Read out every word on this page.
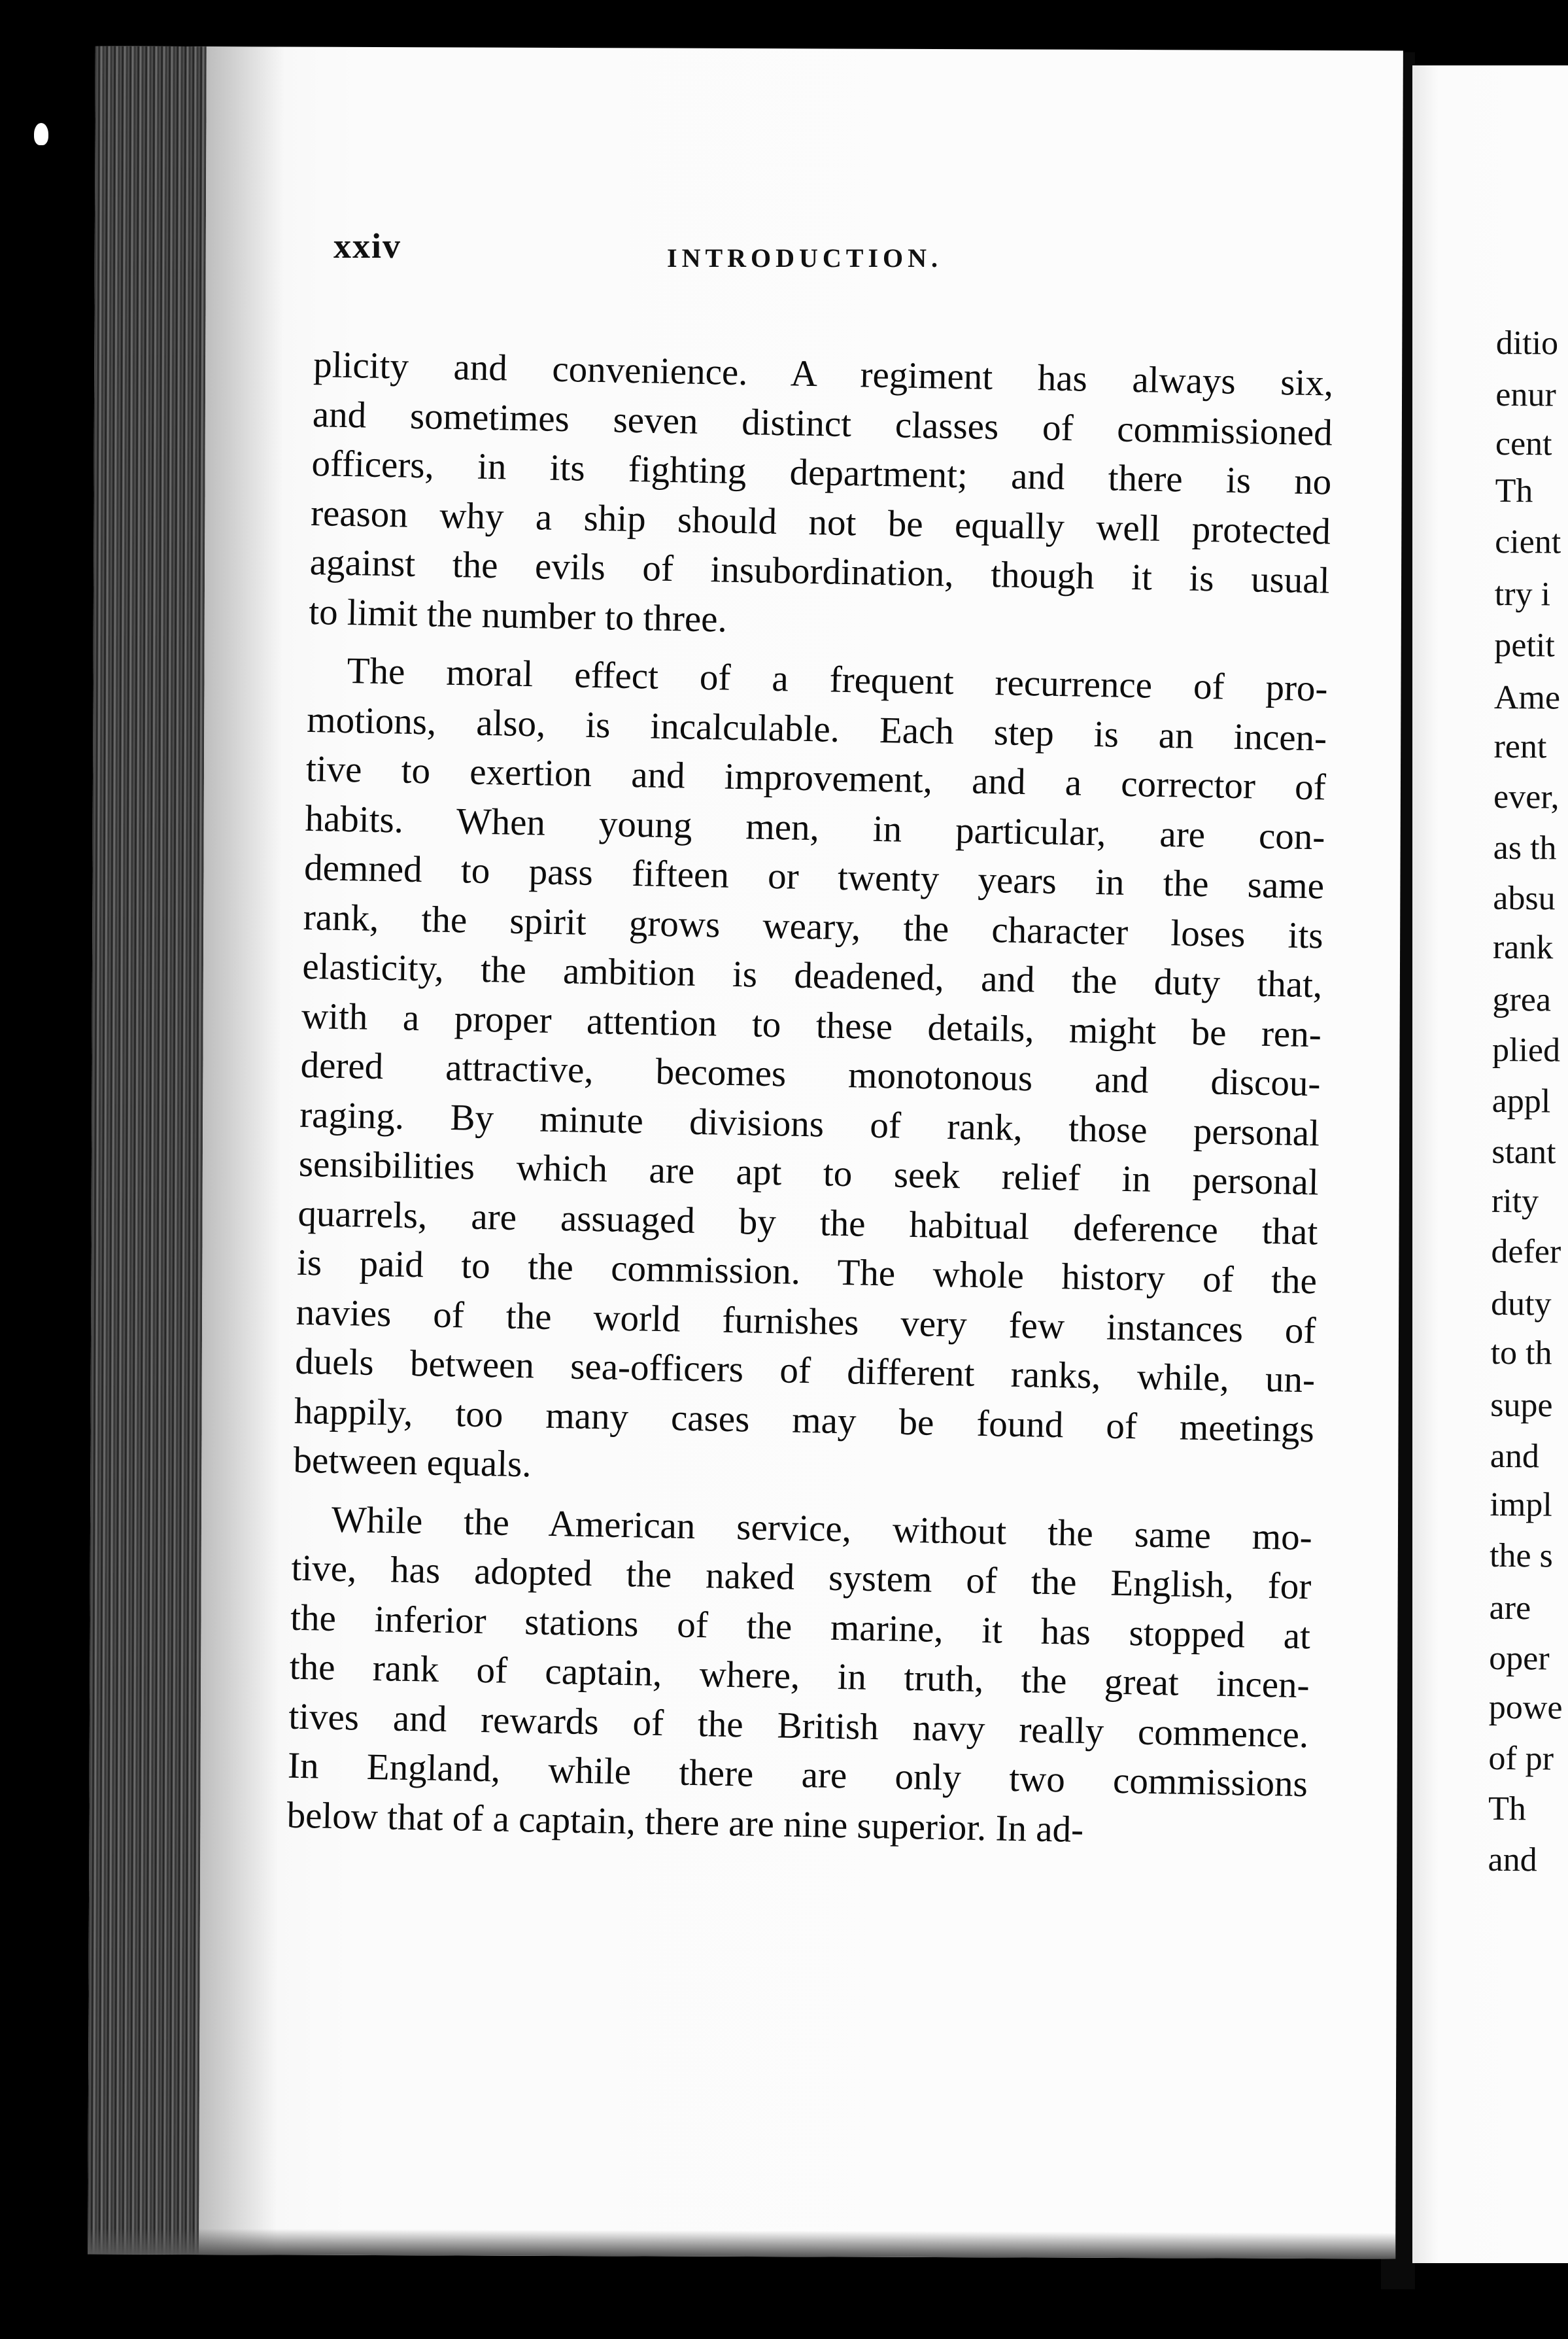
xxiv	INTRODUCTION.
plicity and convenience. A regiment has always six,
and sometimes seven distinct classes of commissioned
officers, in its fighting department; and there is no
reason why a ship should not be equally well protected
against the evils of insubordination, though it is usual
to limit the number to three.
The moral effect of a frequent recurrence of pro-
motions, also, is incalculable. Each step is an incen-
tive to exertion and improvement, and a corrector of
habits. When young men, in particular, are con-
demned to pass fifteen or twenty years in the same
rank, the spirit grows weary, the character loses its
elasticity, the ambition is deadened, and the duty that,
with a proper attention to these details, might be ren-
dered attractive, becomes monotonous and discou-
raging. By minute divisions of rank, those personal
sensibilities which are apt to seek relief in personal
quarrels, are assuaged by the habitual deference that
is paid to the commission. The whole history of the
navies of the world furnishes very few instances of
duels between sea-officers of different ranks, while, un-
happily, too many cases may be found of meetings
between equals.
While the American service, without the same mo-
tive, has adopted the naked system of the English, for
the inferior stations of the marine, it has stopped at
the rank of captain, where, in truth, the great incen-
tives and rewards of the British navy really commence.
In England, while there are only two commissions
below that of a captain, there are nine superior. In ad-
ditio
enur
cent
Th
cient
try i
petit
Ame
rent
ever,
as th
absu
rank
grea
plied
appl
stant
rity
defer
duty
to th
supe
and
impl
the s
are
oper
powe
of pr
Th
and
